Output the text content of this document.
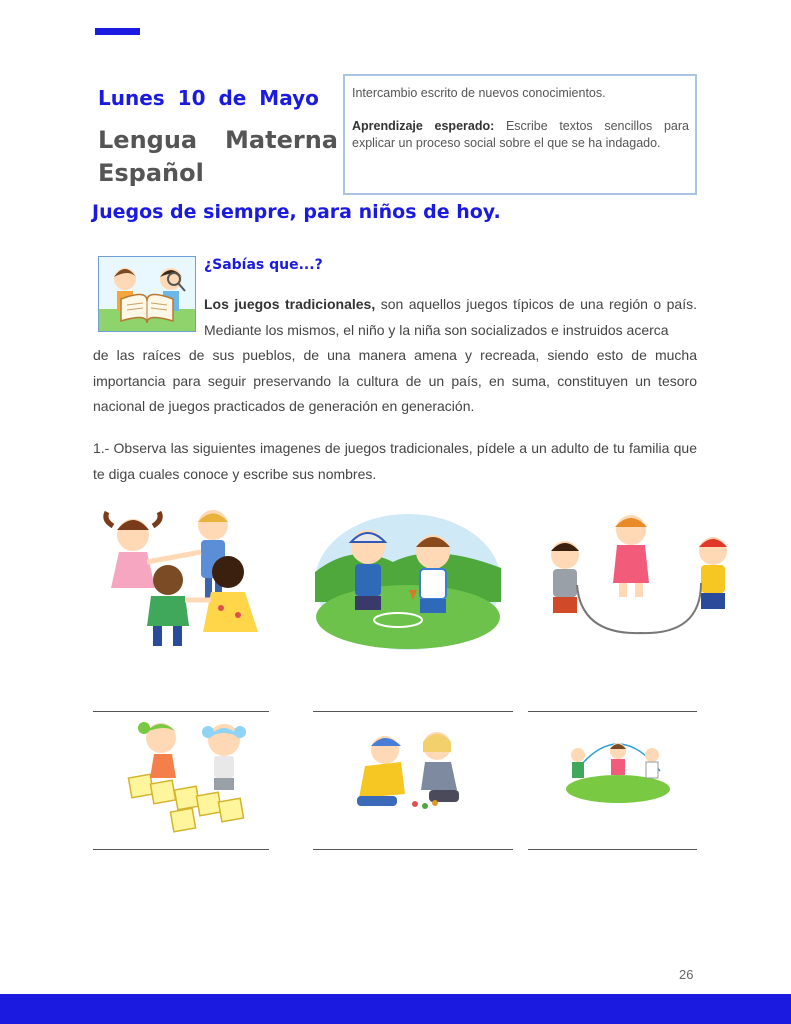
Lunes 10 de Mayo
Lengua Materna
Español

Intercambio escrito de nuevos conocimientos.

Aprendizaje esperado: Escribe textos sencillos para explicar un proceso social sobre el que se ha indagado.

Juegos de siempre, para niños de hoy.
¿Sabías que...?
Los juegos tradicionales, son aquellos juegos típicos de una región o país. Mediante los mismos, el niño y la niña son socializados e instruidos acerca
de las raíces de sus pueblos, de una manera amena y recreada, siendo esto de mucha importancia para seguir preservando la cultura de un país, en suma, constituyen un tesoro nacional de juegos practicados de generación en generación.
1.- Observa las siguientes imagenes de juegos tradicionales, pídele a un adulto de tu familia que te diga cuales conoce y escribe sus nombres.
26
